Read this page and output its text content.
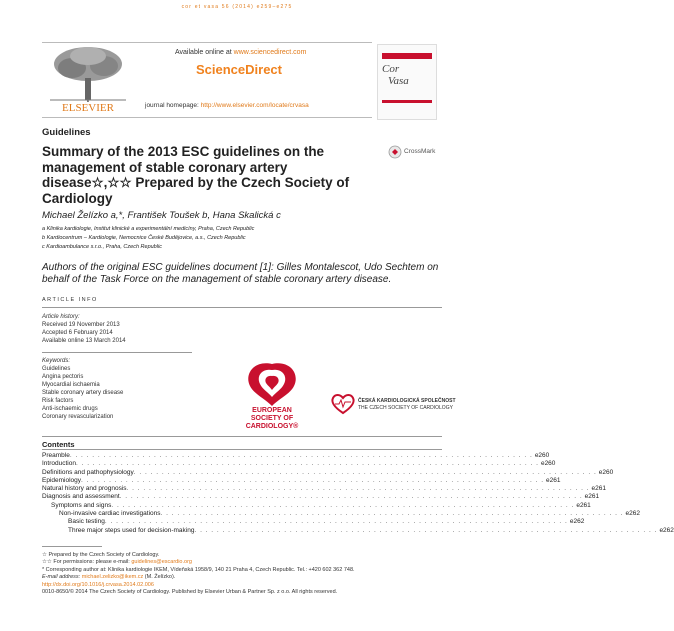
cor et vasa 56 (2014) e259–e275
ELSEVIER
Available online at www.sciencedirect.com
ScienceDirect
journal homepage: http://www.elsevier.com/locate/crvasa
Cor
Vasa
Guidelines
Summary of the 2013 ESC guidelines on the management of stable coronary artery disease☆,☆☆ Prepared by the Czech Society of Cardiology
CrossMark
Michael Želízko a,*, František Toušek b, Hana Skalická c
a Klinika kardiologie, Institut klinické a experimentální medicíny, Praha, Czech Republic
b Kardiocentrum – Kardiologie, Nemocnice České Budějovice, a.s., Czech Republic
c Kardioambulance s.r.o., Praha, Czech Republic
Authors of the original ESC guidelines document [1]: Gilles Montalescot, Udo Sechtem on behalf of the Task Force on the management of stable coronary artery disease.
ARTICLE INFO
Article history:
Received 19 November 2013
Accepted 6 February 2014
Available online 13 March 2014
Keywords:
Guidelines
Angina pectoris
Myocardial ischaemia
Stable coronary artery disease
Risk factors
Anti-ischaemic drugs
Coronary revascularization
EUROPEAN
SOCIETY OF
CARDIOLOGY®
ČESKÁ KARDIOLOGICKÁ SPOLEČNOST
THE CZECH SOCIETY OF CARDIOLOGY
Contents
Preamble . . . . . . . . . . . . . . . . . . . . . . . . . . . . . . . . . . . . . . . . . . . . . . . . . . . . . . . . . . . . . . . . . . . . . . . . . . . . . . . . . . . e260
Introduction . . . . . . . . . . . . . . . . . . . . . . . . . . . . . . . . . . . . . . . . . . . . . . . . . . . . . . . . . . . . . . . . . . . . . . . . . . . . . . . . . . . e260
Definitions and pathophysiology . . . . . . . . . . . . . . . . . . . . . . . . . . . . . . . . . . . . . . . . . . . . . . . . . . . . . . . . . . . . . . . . . . . . . . . . . . . . . . . . . . . e260
Epidemiology . . . . . . . . . . . . . . . . . . . . . . . . . . . . . . . . . . . . . . . . . . . . . . . . . . . . . . . . . . . . . . . . . . . . . . . . . . . . . . . . . . . e261
Natural history and prognosis . . . . . . . . . . . . . . . . . . . . . . . . . . . . . . . . . . . . . . . . . . . . . . . . . . . . . . . . . . . . . . . . . . . . . . . . . . . . . . . . . . . e261
Diagnosis and assessment . . . . . . . . . . . . . . . . . . . . . . . . . . . . . . . . . . . . . . . . . . . . . . . . . . . . . . . . . . . . . . . . . . . . . . . . . . . . . . . . . . . e261
Symptoms and signs . . . . . . . . . . . . . . . . . . . . . . . . . . . . . . . . . . . . . . . . . . . . . . . . . . . . . . . . . . . . . . . . . . . . . . . . . . . . . . . . . . . e261
Non-invasive cardiac investigations . . . . . . . . . . . . . . . . . . . . . . . . . . . . . . . . . . . . . . . . . . . . . . . . . . . . . . . . . . . . . . . . . . . . . . . . . . . . . . . . . . . e262
Basic testing . . . . . . . . . . . . . . . . . . . . . . . . . . . . . . . . . . . . . . . . . . . . . . . . . . . . . . . . . . . . . . . . . . . . . . . . . . . . . . . . . . . e262
Three major steps used for decision-making . . . . . . . . . . . . . . . . . . . . . . . . . . . . . . . . . . . . . . . . . . . . . . . . . . . . . . . . . . . . . . . . . . . . . . . . . . . . . . . . . . . e262
☆ Prepared by the Czech Society of Cardiology.
☆☆ For permissions: please e-mail: guidelines@escardio.org
* Corresponding author at: Klinika kardiologie IKEM, Vídeňská 1958/9, 140 21 Praha 4, Czech Republic. Tel.: +420 602 362 748.
E-mail address: michael.zelizko@ikem.cz (M. Želízko).
http://dx.doi.org/10.1016/j.crvasa.2014.02.006
0010-8650/© 2014 The Czech Society of Cardiology. Published by Elsevier Urban & Partner Sp. z o.o. All rights reserved.
